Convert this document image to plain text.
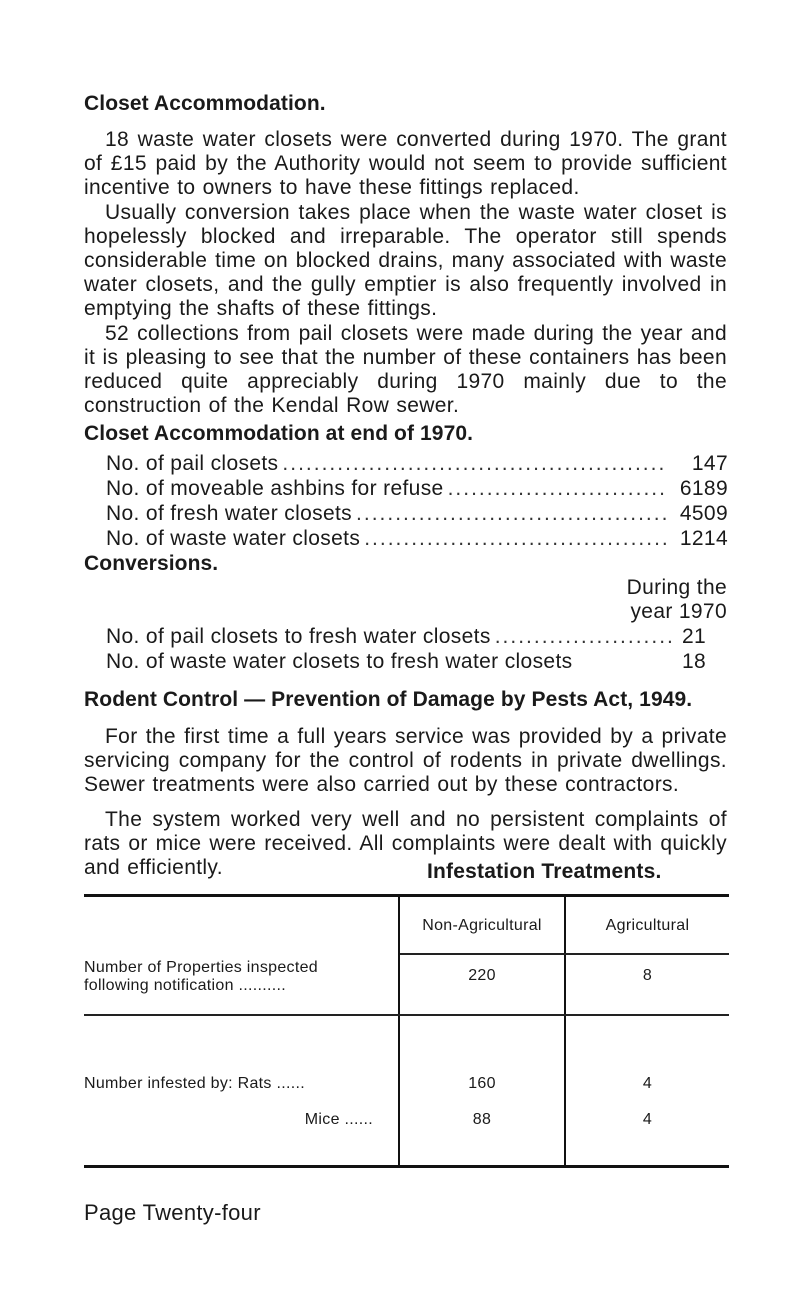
Closet Accommodation.

18 waste water closets were converted during 1970. The grant of £15 paid by the Authority would not seem to provide sufficient incentive to owners to have these fittings replaced.

Usually conversion takes place when the waste water closet is hopelessly blocked and irreparable. The operator still spends considerable time on blocked drains, many associated with waste water closets, and the gully emptier is also frequently involved in emptying the shafts of these fittings.

52 collections from pail closets were made during the year and it is pleasing to see that the number of these containers has been reduced quite appreciably during 1970 mainly due to the construction of the Kendal Row sewer.

Closet Accommodation at end of 1970.
No. of pail closets .....	147
No. of moveable ashbins for refuse .....	6189
No. of fresh water closets .....	4509
No. of waste water closets .....	1214
Conversions.
During the
year 1970
No. of pail closets to fresh water closets .....	21
No. of waste water closets to fresh water closets	18
Rodent Control — Prevention of Damage by Pests Act, 1949.

For the first time a full years service was provided by a private servicing company for the control of rodents in private dwellings. Sewer treatments were also carried out by these contractors.

The system worked very well and no persistent complaints of rats or mice were received. All complaints were dealt with quickly and efficiently.	Infestation Treatments.
Non-Agricultural	Agricultural
Number of Properties inspected
following notification ..........
220	8
Number infested by: Rats ......	160	4
Mice ......	88	4
Page Twenty-four
